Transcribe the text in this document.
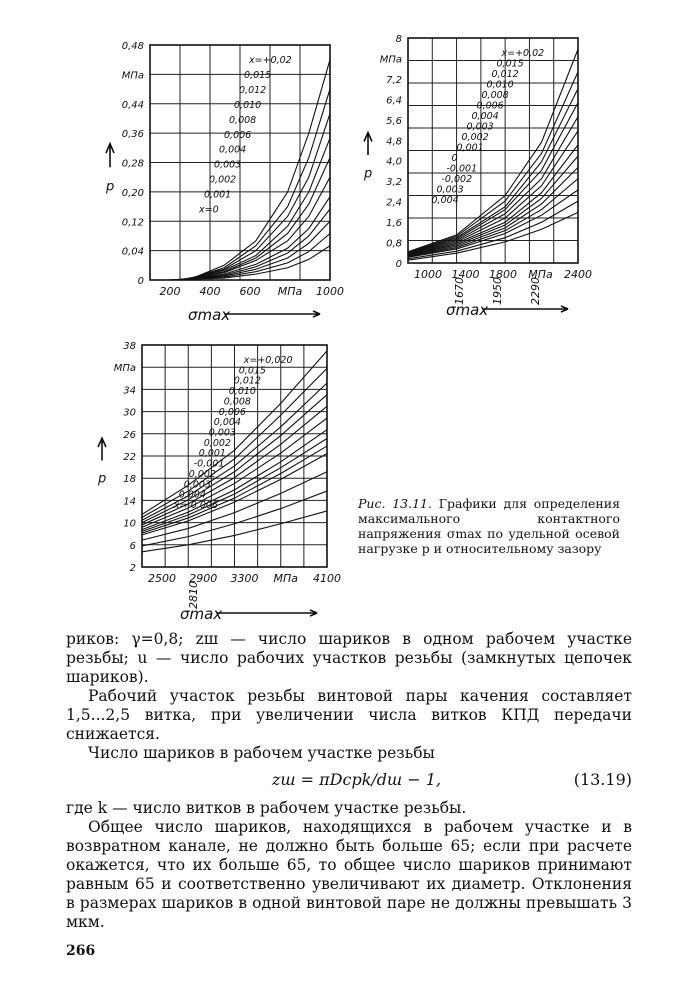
0,48
МПа
0,44
0,36
0,28
0,20
0,12
0,04
0
200 400 600 МПа 1000
x=+0,02
0,015
0,012
0,010
0,008
0,006
0,004
0,003
0,002
0,001
x=0
p
σmax
8
МПа
7,2
6,4
5,6
4,8
4,0
3,2
2,4
1,6
0,8
0
1000 1400 1800 МПа 2400
1670 1950 2290
x=+0,02
0,015
0,012
0,010
0,008
0,006
0,004
0,003
0,002
0,001
0
-0,001
-0,002
0,003
0,004
p
σmax
38
МПа
34
30
26
22
18
14
10
6
2
2500 2900 3300 МПа 4100
2810
x=+0,020
0,015
0,012
0,010
0,008
0,006
0,004
0,003
0,002
0,001
-0,001
0,002
0,003
0,004
x=-0,006
p
σmax
Рис. 13.11. Графики для определения максимального контактного напряжения σmax по удельной осевой нагрузке p и относительному зазору

риков: γ=0,8; zш — число шариков в одном рабочем участке резьбы; u — число рабочих участков резьбы (замкнутых цепочек шариков).

Рабочий участок резьбы винтовой пары качения составляет 1,5...2,5 витка, при увеличении числа витков КПД передачи снижается.

Число шариков в рабочем участке резьбы

zш = πDсрk/dш − 1,	(13.19)

где k — число витков в рабочем участке резьбы.

Общее число шариков, находящихся в рабочем участке и в возвратном канале, не должно быть больше 65; если при расчете окажется, что их больше 65, то общее число шариков принимают равным 65 и соответственно увеличивают их диаметр. Отклонения в размерах шариков в одной винтовой паре не должны превышать 3 мкм.

266
